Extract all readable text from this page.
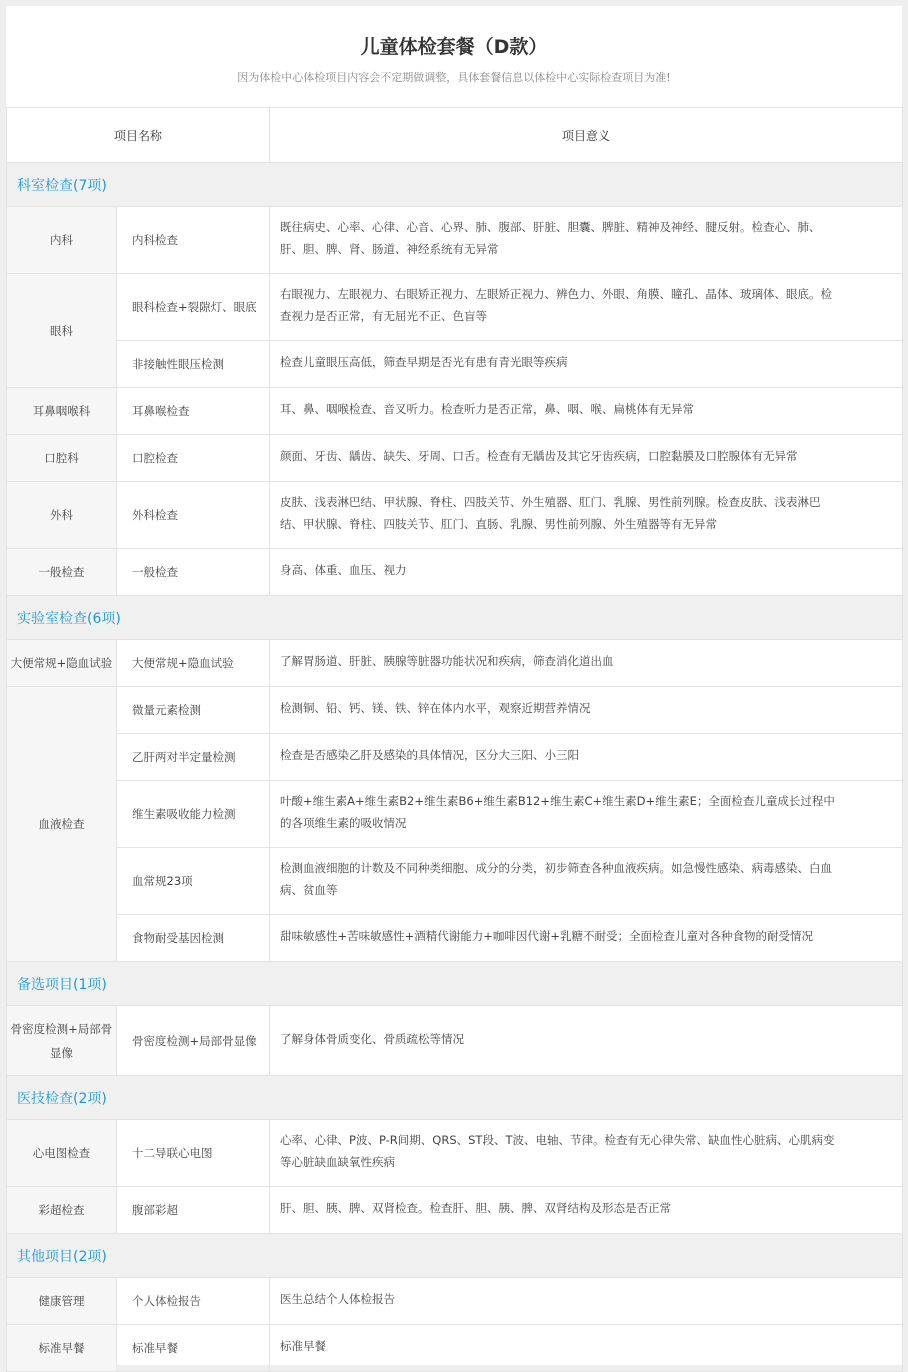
儿童体检套餐（D款）
因为体检中心体检项目内容会不定期做调整，具体套餐信息以体检中心实际检查项目为准!
项目名称		项目意义
科室检查(7项)		
内科	内科检查	既往病史、心率、心律、心音、心界、肺、腹部、肝脏、胆囊、脾脏、精神及神经、腱反射。检查心、肺、肝、胆、脾、肾、肠道、神经系统有无异常

眼科	眼科检查+裂隙灯、眼底	右眼视力、左眼视力、右眼矫正视力、左眼矫正视力、辨色力、外眼、角膜、瞳孔、晶体、玻璃体、眼底。检查视力是否正常，有无屈光不正、色盲等

	非接触性眼压检测	检查儿童眼压高低，筛查早期是否光有患有青光眼等疾病

耳鼻咽喉科	耳鼻喉检查	耳、鼻、咽喉检查、音叉听力。检查听力是否正常，鼻、咽、喉、扁桃体有无异常

口腔科	口腔检查	颜面、牙齿、龋齿、缺失、牙周、口舌。检查有无龋齿及其它牙齿疾病，口腔黏膜及口腔腺体有无异常

外科	外科检查	皮肤、浅表淋巴结、甲状腺、脊柱、四肢关节、外生殖器、肛门、乳腺、男性前列腺。检查皮肤、浅表淋巴结、甲状腺、脊柱、四肢关节、肛门、直肠、乳腺、男性前列腺、外生殖器等有无异常

一般检查	一般检查	身高、体重、血压、视力

实验室检查(6项)		
大便常规+隐血试验	大便常规+隐血试验	了解胃肠道、肝脏、胰腺等脏器功能状况和疾病，筛查消化道出血

血液检查	微量元素检测	检测铜、铅、钙、镁、铁、锌在体内水平，观察近期营养情况

	乙肝两对半定量检测	检查是否感染乙肝及感染的具体情况，区分大三阳、小三阳

	维生素吸收能力检测	叶酸+维生素A+维生素B2+维生素B6+维生素B12+维生素C+维生素D+维生素E；全面检查儿童成长过程中的各项维生素的吸收情况

	血常规23项	检测血液细胞的计数及不同种类细胞、成分的分类，初步筛查各种血液疾病。如急慢性感染、病毒感染、白血病、贫血等

	食物耐受基因检测	甜味敏感性+苦味敏感性+酒精代谢能力+咖啡因代谢+乳糖不耐受；全面检查儿童对各种食物的耐受情况

备选项目(1项)		
骨密度检测+局部骨显像	骨密度检测+局部骨显像	了解身体骨质变化、骨质疏松等情况

医技检查(2项)		
心电图检查	十二导联心电图	心率、心律、P波、P-R间期、QRS、ST段、T波、电轴、节律。检查有无心律失常、缺血性心脏病、心肌病变等心脏缺血缺氧性疾病

彩超检查	腹部彩超	肝、胆、胰、脾、双肾检查。检查肝、胆、胰、脾、双肾结构及形态是否正常

其他项目(2项)		
健康管理	个人体检报告	医生总结个人体检报告

标准早餐	标准早餐	标准早餐
